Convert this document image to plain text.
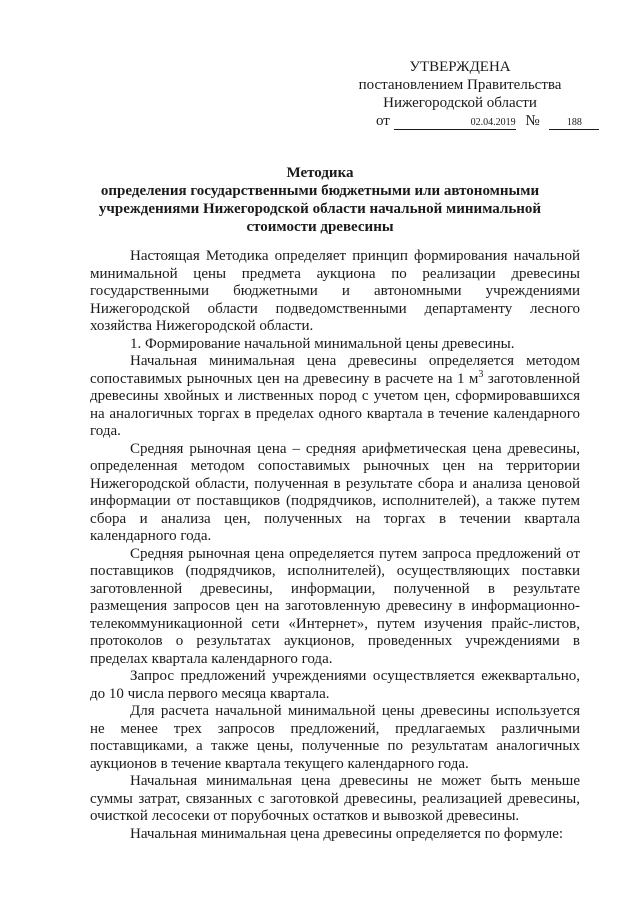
УТВЕРЖДЕНА
постановлением Правительства
Нижегородской области
от	02.04.2019 №	188
Методика
определения государственными бюджетными или автономными
учреждениями Нижегородской области начальной минимальной
стоимости древесины

Настоящая Методика определяет принцип формирования начальной минимальной цены предмета аукциона по реализации древесины государственными бюджетными и автономными учреждениями Нижегородской области подведомственными департаменту лесного хозяйства Нижегородской области.

1. Формирование начальной минимальной цены древесины.

Начальная минимальная цена древесины определяется методом сопоставимых рыночных цен на древесину в расчете на 1 $м^3$ заготовленной древесины хвойных и лиственных пород с учетом цен, сформировавшихся на аналогичных торгах в пределах одного квартала в течение календарного года.

Средняя рыночная цена – средняя арифметическая цена древесины, определенная методом сопоставимых рыночных цен на территории Нижегородской области, полученная в результате сбора и анализа ценовой информации от поставщиков (подрядчиков, исполнителей), а также путем сбора и анализа цен, полученных на торгах в течении квартала календарного года.

Средняя рыночная цена определяется путем запроса предложений от поставщиков (подрядчиков, исполнителей), осуществляющих поставки заготовленной древесины, информации, полученной в результате размещения запросов цен на заготовленную древесину в информационно-телекоммуникационной сети «Интернет», путем изучения прайс-листов, протоколов о результатах аукционов, проведенных учреждениями в пределах квартала календарного года.

Запрос предложений учреждениями осуществляется ежеквартально, до 10 числа первого месяца квартала.

Для расчета начальной минимальной цены древесины используется не менее трех запросов предложений, предлагаемых различными поставщиками, а также цены, полученные по результатам аналогичных аукционов в течение квартала текущего календарного года.

Начальная минимальная цена древесины не может быть меньше суммы затрат, связанных с заготовкой древесины, реализацией древесины, очисткой лесосеки от порубочных остатков и вывозкой древесины.

Начальная минимальная цена древесины определяется по формуле:
